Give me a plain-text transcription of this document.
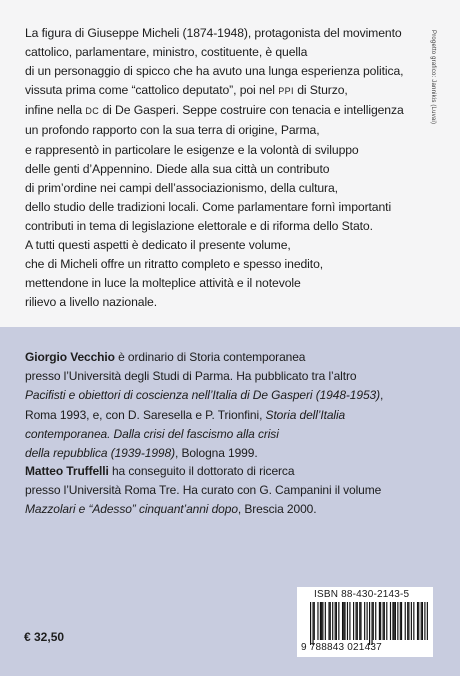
La figura di Giuseppe Micheli (1874-1948), protagonista del movimento
cattolico, parlamentare, ministro, costituente, è quella
di un personaggio di spicco che ha avuto una lunga esperienza politica,
vissuta prima come “cattolico deputato”, poi nel PPI di Sturzo,
infine nella DC di De Gasperi. Seppe costruire con tenacia e intelligenza
un profondo rapporto con la sua terra di origine, Parma,
e rappresentò in particolare le esigenze e la volontà di sviluppo
delle genti d’Appennino. Diede alla sua città un contributo
di prim’ordine nei campi dell’associazionismo, della cultura,
dello studio delle tradizioni locali. Come parlamentare fornì importanti
contributi in tema di legislazione elettorale e di riforma dello Stato.
A tutti questi aspetti è dedicato il presente volume,
che di Micheli offre un ritratto completo e spesso inedito,
mettendone in luce la molteplice attività e il notevole
rilievo a livello nazionale.

Progetto grafico: Jannikis (Luvai)

Giorgio Vecchio è ordinario di Storia contemporanea
presso l’Università degli Studi di Parma. Ha pubblicato tra l’altro
Pacifisti e obiettori di coscienza nell’Italia di De Gasperi (1948-1953),
Roma 1993, e, con D. Saresella e P. Trionfini, Storia dell’Italia
contemporanea. Dalla crisi del fascismo alla crisi
della repubblica (1939-1998), Bologna 1999.

Matteo Truffelli ha conseguito il dottorato di ricerca
presso l’Università Roma Tre. Ha curato con G. Campanini il volume
Mazzolari e “Adesso” cinquant’anni dopo, Brescia 2000.

ISBN 88-430-2143-5
9 788843 021437
€ 32,50
